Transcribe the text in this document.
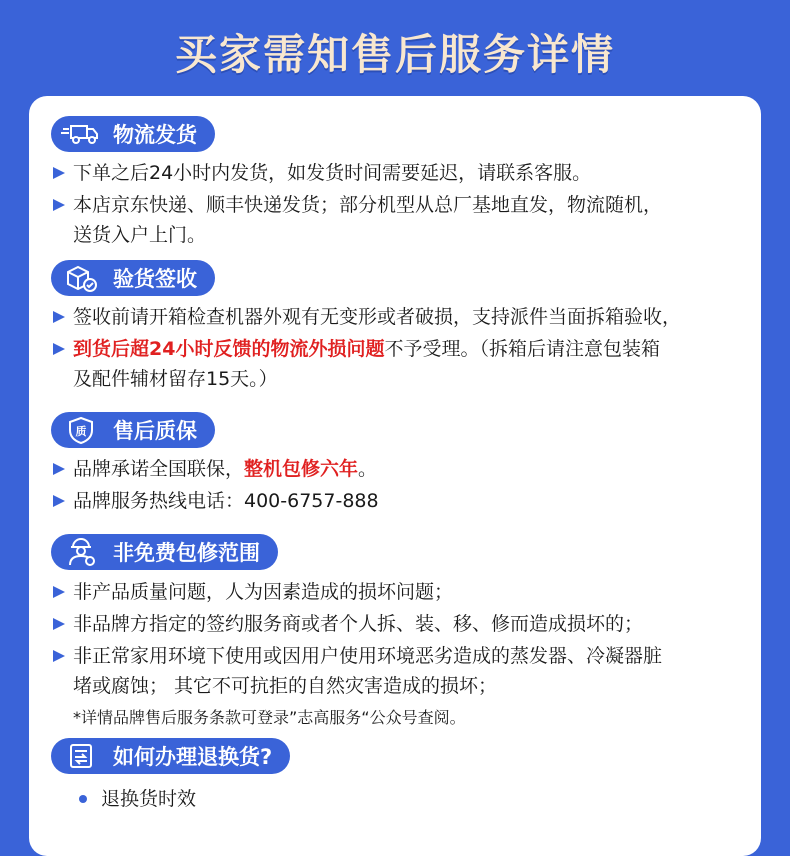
买家需知售后服务详情
物流发货
下单之后24小时内发货，如发货时间需要延迟，请联系客服。
本店京东快递、顺丰快递发货；部分机型从总厂基地直发，物流随机，
送货入户上门。
验货签收
签收前请开箱检查机器外观有无变形或者破损，支持派件当面拆箱验收，
到货后超24小时反馈的物流外损问题不予受理。（拆箱后请注意包装箱
及配件辅材留存15天。）
质 售后质保
品牌承诺全国联保，整机包修六年。
品牌服务热线电话：400-6757-888
非免费包修范围
非产品质量问题，人为因素造成的损坏问题；
非品牌方指定的签约服务商或者个人拆、装、移、修而造成损坏的；
非正常家用环境下使用或因用户使用环境恶劣造成的蒸发器、冷凝器脏
堵或腐蚀； 其它不可抗拒的自然灾害造成的损坏；
*详情品牌售后服务条款可登录”志高服务“公众号查阅。
如何办理退换货?
退换货时效
